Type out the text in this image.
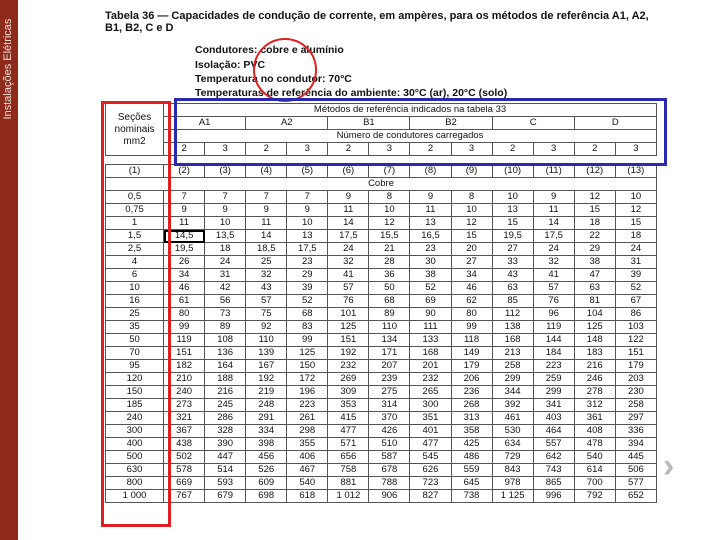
Instalações Elétricas
Tabela 36 — Capacidades de condução de corrente, em ampères, para os métodos de referência A1, A2, B1, B2, C e D
Condutores: cobre e alumínio
Isolação: PVC
Temperatura no condutor: 70°C
Temperaturas de referência do ambiente: 30°C (ar), 20°C (solo)
Seções nominais mm2	Métodos de referência indicados na tabela 33											
	A1		A2		B1		B2		C		D	
	Número de condutores carregados											
	2	3	2	3	2	3	2	3	2	3	2	3

(1)	(2)	(3)	(4)	(5)	(6)	(7)	(8)	(9)	(10)	(11)	(12)	(13)
Cobre												
0,5	7	7	7	7	9	8	9	8	10	9	12	10
0,75	9	9	9	9	11	10	11	10	13	11	15	12
1	11	10	11	10	14	12	13	12	15	14	18	15
1,5	14,5	13,5	14	13	17,5	15,5	16,5	15	19,5	17,5	22	18
2,5	19,5	18	18,5	17,5	24	21	23	20	27	24	29	24
4	26	24	25	23	32	28	30	27	33	32	38	31
6	34	31	32	29	41	36	38	34	43	41	47	39
10	46	42	43	39	57	50	52	46	63	57	63	52
16	61	56	57	52	76	68	69	62	85	76	81	67
25	80	73	75	68	101	89	90	80	112	96	104	86
35	99	89	92	83	125	110	111	99	138	119	125	103
50	119	108	110	99	151	134	133	118	168	144	148	122
70	151	136	139	125	192	171	168	149	213	184	183	151
95	182	164	167	150	232	207	201	179	258	223	216	179
120	210	188	192	172	269	239	232	206	299	259	246	203
150	240	216	219	196	309	275	265	236	344	299	278	230
185	273	245	248	223	353	314	300	268	392	341	312	258
240	321	286	291	261	415	370	351	313	461	403	361	297
300	367	328	334	298	477	426	401	358	530	464	408	336
400	438	390	398	355	571	510	477	425	634	557	478	394
500	502	447	456	406	656	587	545	486	729	642	540	445
630	578	514	526	467	758	678	626	559	843	743	614	506
800	669	593	609	540	881	788	723	645	978	865	700	577
1 000	767	679	698	618	1 012	906	827	738	1 125	996	792	652
›
